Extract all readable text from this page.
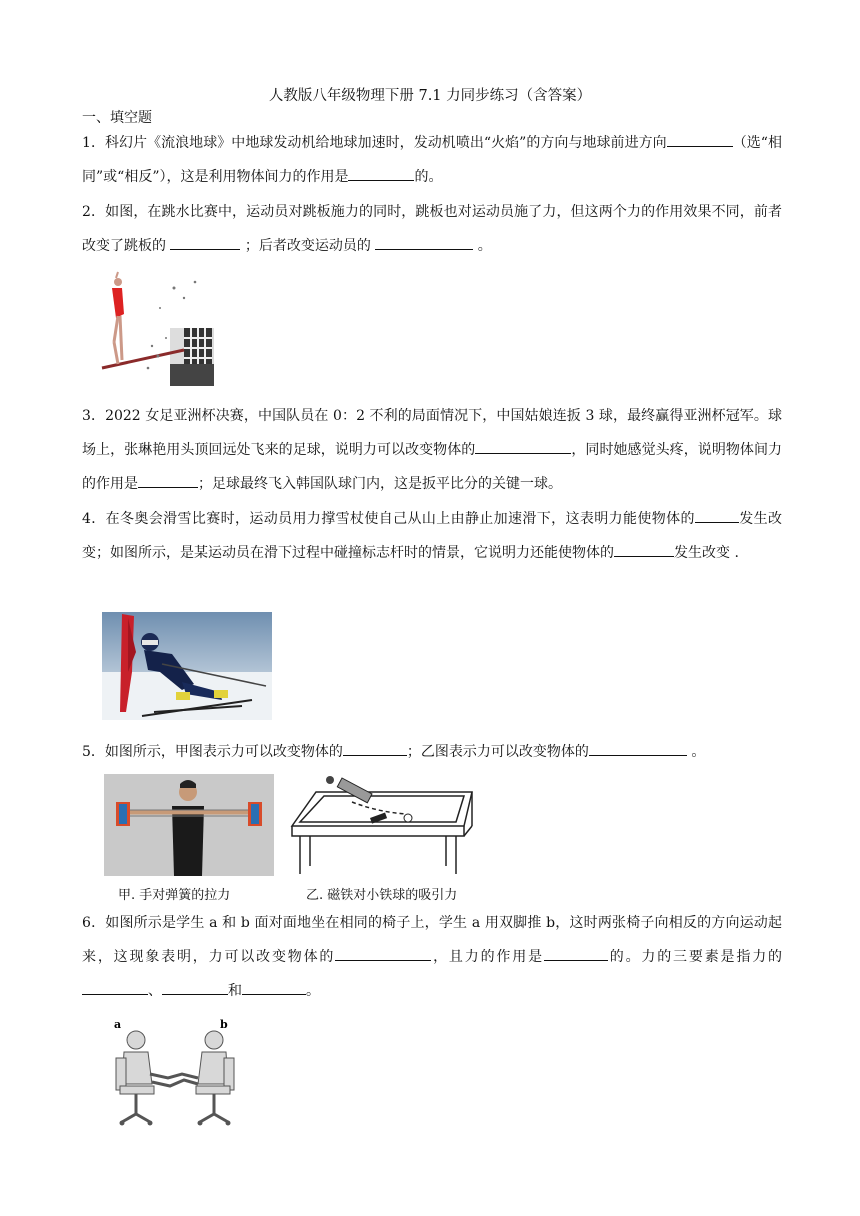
人教版八年级物理下册 7.1 力同步练习（含答案）
一、填空题

1．科幻片《流浪地球》中地球发动机给地球加速时，发动机喷出“火焰”的方向与地球前进方向	（选“相同”或“相反”），这是利用物体间力的作用是	的。

2．如图，在跳水比赛中，运动员对跳板施力的同时，跳板也对运动员施了力，但这两个力的作用效果不同，前者改变了跳板的	；后者改变运动员的	。

3．2022 女足亚洲杯决赛，中国队员在 0：2 不利的局面情况下，中国姑娘连扳 3 球，最终赢得亚洲杯冠军。球场上，张琳艳用头顶回远处飞来的足球，说明力可以改变物体的	，同时她感觉头疼，说明物体间力的作用是	；足球最终飞入韩国队球门内，这是扳平比分的关键一球。

4．在冬奥会滑雪比赛时，运动员用力撑雪杖使自己从山上由静止加速滑下，这表明力能使物体的	发生改变；如图所示，是某运动员在滑下过程中碰撞标志杆时的情景，它说明力还能使物体的	发生改变 .

5．如图所示，甲图表示力可以改变物体的	；乙图表示力可以改变物体的	。

甲. 手对弹簧的拉力	乙. 磁铁对小铁球的吸引力

6．如图所示是学生 a 和 b 面对面地坐在相同的椅子上，学生 a 用双脚推 b，这时两张椅子向相反的方向运动起来，这现象表明，力可以改变物体的	，且力的作用是	的。力的三要素是指力的、	和	。

a	b
